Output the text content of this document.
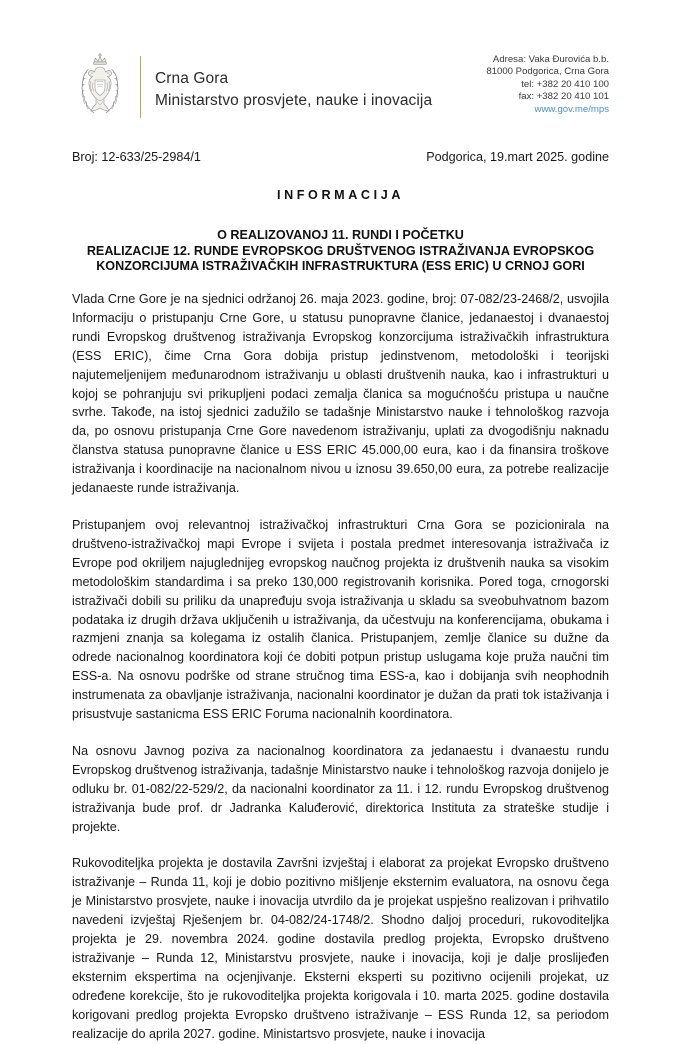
Crna Gora
Ministarstvo prosvjete, nauke i inovacija
Adresa: Vaka Đurovića b.b.
81000 Podgorica, Crna Gora
tel: +382 20 410 100
fax: +382 20 410 101
www.gov.me/mps
Broj: 12-633/25-2984/1	Podgorica, 19.mart 2025. godine
INFORMACIJA
O REALIZOVANOJ 11. RUNDI I POČETKU
REALIZACIJE 12. RUNDE EVROPSKOG DRUŠTVENOG ISTRAŽIVANJA EVROPSKOG
KONZORCIJUMA ISTRAŽIVAČKIH INFRASTRUKTURA (ESS ERIC) U CRNOJ GORI

Vlada Crne Gore je na sjednici održanoj 26. maja 2023. godine, broj: 07-082/23-2468/2, usvojila Informaciju o pristupanju Crne Gore, u statusu punopravne članice, jedanaestoj i dvanaestoj rundi Evropskog društvenog istraživanja Evropskog konzorcijuma istraživačkih infrastruktura (ESS ERIC), čime Crna Gora dobija pristup jedinstvenom, metodološki i teorijski najutemeljenijem međunarodnom istraživanju u oblasti društvenih nauka, kao i infrastrukturi u kojoj se pohranjuju svi prikupljeni podaci zemalja članica sa mogućnošću pristupa u naučne svrhe. Takođe, na istoj sjednici zadužilo se tadašnje Ministarstvo nauke i tehnološkog razvoja da, po osnovu pristupanja Crne Gore navedenom istraživanju, uplati za dvogodišnju naknadu članstva statusa punopravne članice u ESS ERIC 45.000,00 eura, kao i da finansira troškove istraživanja i koordinacije na nacionalnom nivou u iznosu 39.650,00 eura, za potrebe realizacije jedanaeste runde istraživanja.

Pristupanjem ovoj relevantnoj istraživačkoj infrastrukturi Crna Gora se pozicionirala na društveno-istraživačkoj mapi Evrope i svijeta i postala predmet interesovanja istraživača iz Evrope pod okriljem najuglednijeg evropskog naučnog projekta iz društvenih nauka sa visokim metodološkim standardima i sa preko 130,000 registrovanih korisnika. Pored toga, crnogorski istraživači dobili su priliku da unapređuju svoja istraživanja u skladu sa sveobuhvatnom bazom podataka iz drugih država uključenih u istraživanja, da učestvuju na konferencijama, obukama i razmjeni znanja sa kolegama iz ostalih članica. Pristupanjem, zemlje članice su dužne da odrede nacionalnog koordinatora koji će dobiti potpun pristup uslugama koje pruža naučni tim ESS-a. Na osnovu podrške od strane stručnog tima ESS-a, kao i dobijanja svih neophodnih instrumenata za obavljanje istraživanja, nacionalni koordinator je dužan da prati tok istaživanja i prisustvuje sastanicma ESS ERIC Foruma nacionalnih koordinatora.

Na osnovu Javnog poziva za nacionalnog koordinatora za jedanaestu i dvanaestu rundu Evropskog društvenog istraživanja, tadašnje Ministarstvo nauke i tehnološkog razvoja donijelo je odluku br. 01-082/22-529/2, da nacionalni koordinator za 11. i 12. rundu Evropskog društvenog istraživanja bude prof. dr Jadranka Kaluđerović, direktorica Instituta za strateške studije i projekte.

Rukovoditeljka projekta je dostavila Završni izvještaj i elaborat za projekat Evropsko društveno istraživanje – Runda 11, koji je dobio pozitivno mišljenje eksternim evaluatora, na osnovu čega je Ministarstvo prosvjete, nauke i inovacija utvrdilo da je projekat uspješno realizovan i prihvatilo navedeni izvještaj Rješenjem br. 04-082/24-1748/2. Shodno daljoj proceduri, rukovoditeljka projekta je 29. novembra 2024. godine dostavila predlog projekta, Evropsko društveno istraživanje – Runda 12, Ministarstvu prosvjete, nauke i inovacija, koji je dalje proslijeđen eksternim ekspertima na ocjenjivanje. Eksterni eksperti su pozitivno ocijenili projekat, uz određene korekcije, što je rukovoditeljka projekta korigovala i 10. marta 2025. godine dostavila korigovani predlog projekta Evropsko društveno istraživanje – ESS Runda 12, sa periodom realizacije do aprila 2027. godine. Ministartsvo prosvjete, nauke i inovacija
